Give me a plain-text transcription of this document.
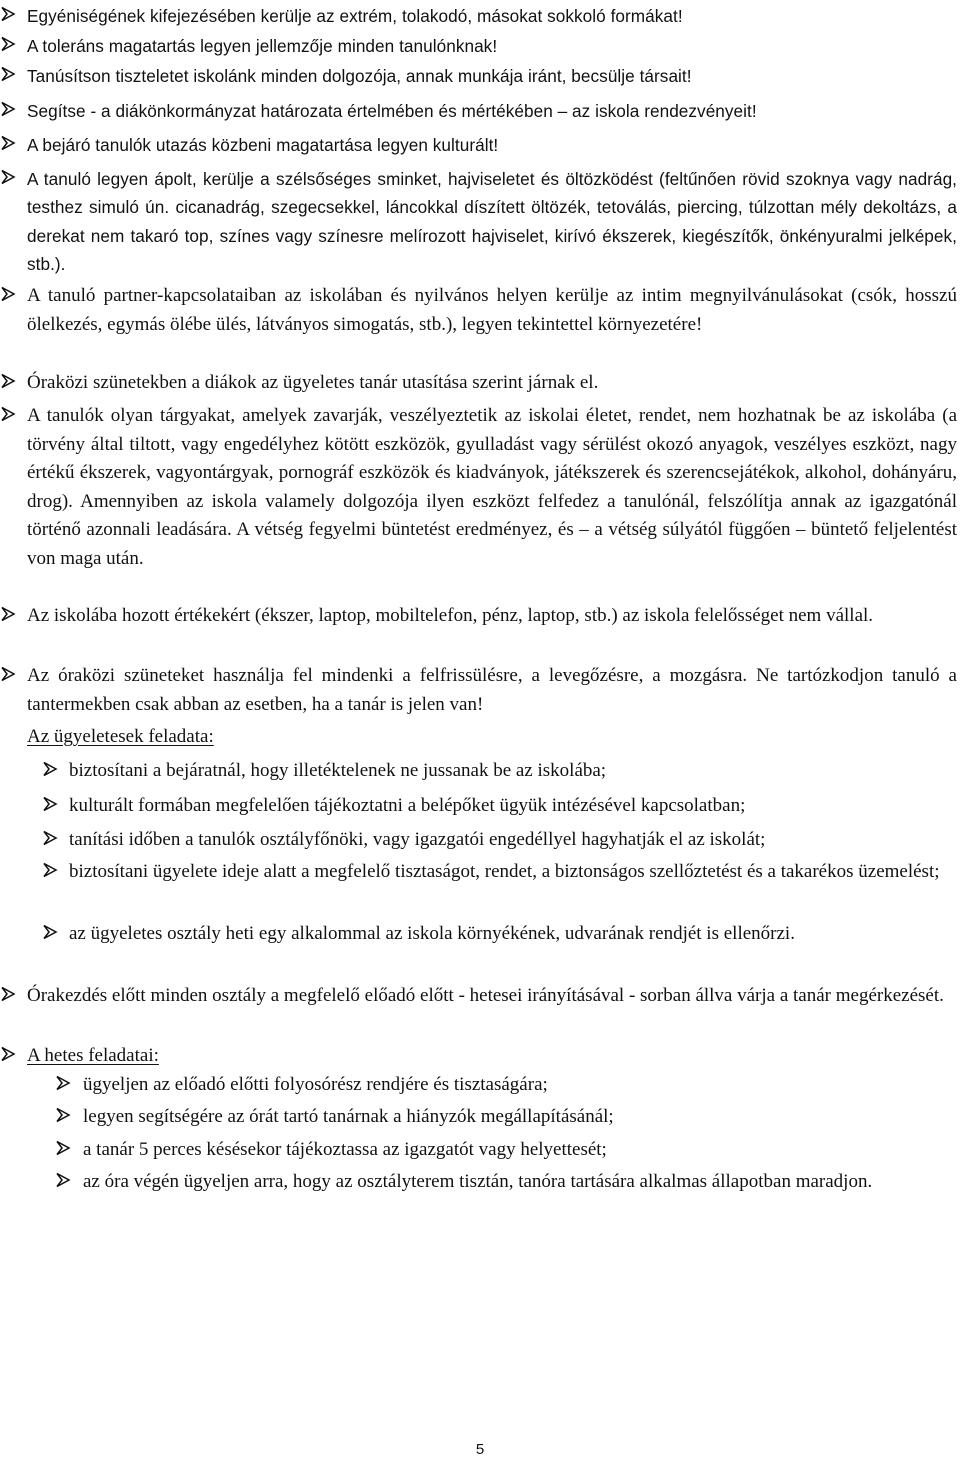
Egyéniségének kifejezésében kerülje az extrém, tolakodó, másokat sokkoló formákat!

A toleráns magatartás legyen jellemzője minden tanulónknak!

Tanúsítson tiszteletet iskolánk minden dolgozója, annak munkája iránt, becsülje társait!

Segítse - a diákönkormányzat határozata értelmében és mértékében – az iskola rendezvényeit!

A bejáró tanulók utazás közbeni magatartása legyen kulturált!

A tanuló legyen ápolt, kerülje a szélsőséges sminket, hajviseletet és öltözködést (feltűnően rövid szoknya vagy nadrág, testhez simuló ún. cicanadrág, szegecsekkel, láncokkal díszített öltözék, tetoválás, piercing, túlzottan mély dekoltázs, a derekat nem takaró top, színes vagy színesre melírozott hajviselet, kirívó ékszerek, kiegészítők, önkényuralmi jelképek, stb.).

A tanuló partner-kapcsolataiban az iskolában és nyilvános helyen kerülje az intim megnyilvánulásokat (csók, hosszú ölelkezés, egymás ölébe ülés, látványos simogatás, stb.), legyen tekintettel környezetére!

Óraközi szünetekben a diákok az ügyeletes tanár utasítása szerint járnak el.

A tanulók olyan tárgyakat, amelyek zavarják, veszélyeztetik az iskolai életet, rendet, nem hozhatnak be az iskolába (a törvény által tiltott, vagy engedélyhez kötött eszközök, gyulladást vagy sérülést okozó anyagok, veszélyes eszközt, nagy értékű ékszerek, vagyontárgyak, pornográf eszközök és kiadványok, játékszerek és szerencsejátékok, alkohol, dohányáru, drog). Amennyiben az iskola valamely dolgozója ilyen eszközt felfedez a tanulónál, felszólítja annak az igazgatónál történő azonnali leadására. A vétség fegyelmi büntetést eredményez, és – a vétség súlyától függően – büntető feljelentést von maga után.

Az iskolába hozott értékekért (ékszer, laptop, mobiltelefon, pénz, laptop, stb.) az iskola felelősséget nem vállal.

Az óraközi szüneteket használja fel mindenki a felfrissülésre, a levegőzésre, a mozgásra. Ne tartózkodjon tanuló a tantermekben csak abban az esetben, ha a tanár is jelen van!

Az ügyeletesek feladata:

biztosítani a bejáratnál, hogy illetéktelenek ne jussanak be az iskolába;

kulturált formában megfelelően tájékoztatni a belépőket ügyük intézésével kapcsolatban;

tanítási időben a tanulók osztályfőnöki, vagy igazgatói engedéllyel hagyhatják el az iskolát;

biztosítani ügyelete ideje alatt a megfelelő tisztaságot, rendet, a biztonságos szellőztetést és a takarékos üzemelést;

az ügyeletes osztály heti egy alkalommal az iskola környékének, udvarának rendjét is ellenőrzi.

Órakezdés előtt minden osztály a megfelelő előadó előtt - hetesei irányításával - sorban állva várja a tanár megérkezését.

A hetes feladatai:

ügyeljen az előadó előtti folyosórész rendjére és tisztaságára;

legyen segítségére az órát tartó tanárnak a hiányzók megállapításánál;

a tanár 5 perces késésekor tájékoztassa az igazgatót vagy helyettesét;

az óra végén ügyeljen arra, hogy az osztályterem tisztán, tanóra tartására alkalmas állapotban maradjon.

5
